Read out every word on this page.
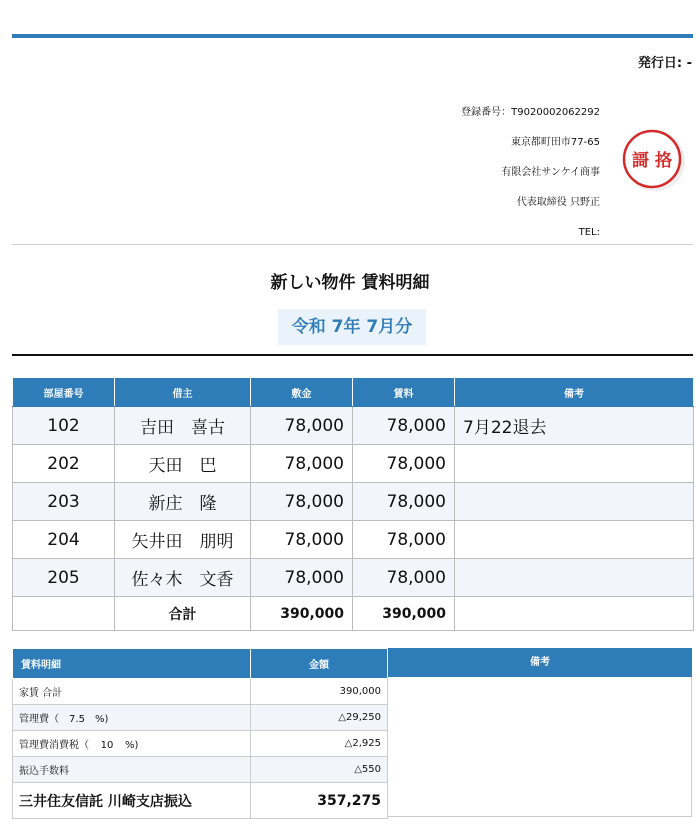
発行日: -
登録番号：T9020002062292
東京都町田市77-65
有限会社サンケイ商事
代表取締役 只野正
TEL:
謌 挌
新しい物件 賃料明細
令和 7年 7月分
部屋番号	借主	敷金	賃料	備考
102	吉田　喜古	78,000	78,000	7月22退去
202	天田　巴	78,000	78,000	
203	新庄　隆	78,000	78,000	
204	矢井田　朋明	78,000	78,000	
205	佐々木　文香	78,000	78,000	
	合計	390,000	390,000	
賃料明細	金額
家賃 合計	390,000
管理費（ 7.5 %)	△29,250
管理費消費税（ 10 %)	△2,925
振込手数料	△550
三井住友信託 川崎支店振込	357,275
備考
